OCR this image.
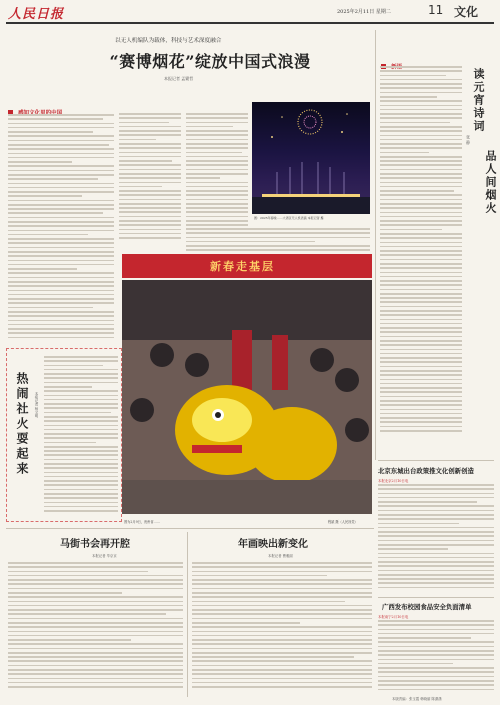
人民日报	2025年2月11日 星期二	11 文化
以无人机编队为载体，科技与艺术深度融合
“赛博烟花”绽放中国式浪漫
本报记者 孟繁哲
图：2025年春晚……大湾区无人机表演 本报记者 摄
读元宵诗词
品人间烟火
张 静
热闹社火耍起来	本报记者 杨文明
新春走基层
图为2月9日，贵州省……	程斌 摄（人民视觉）
北京东城出台政策推文化创新创造
本报北京2月10日电
广西发布校园食品安全负面清单
本报南宁2月10日电
马街书会再开腔
本报记者 毕京京
年画映出新变化
本报记者 曹雅丽
本版责编：张玉霞 韩晓丽 陈潇潇
